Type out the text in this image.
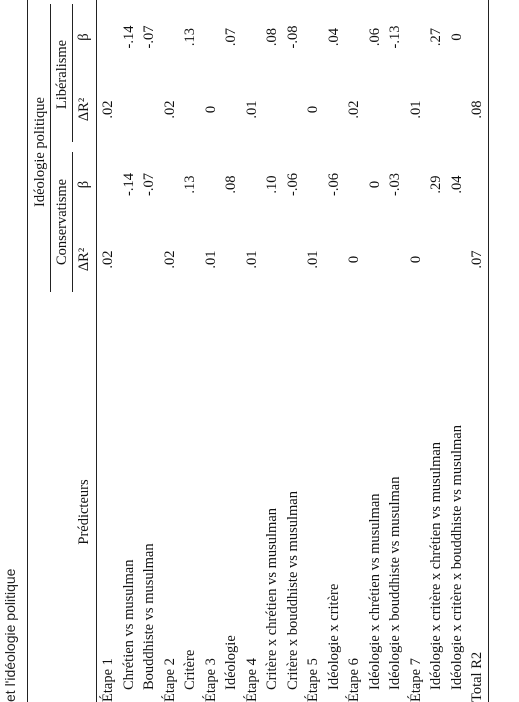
et l'idéologie politique
Idéologie politique
Conservatisme
Libéralisme
Prédicteurs
ΔR²
β
ΔR²
β
Étape 1
.02
.02
Chrétien vs musulman
-.14
-.14
Bouddhiste vs musulman
-.07
-.07
Étape 2
.02
.02
Critère
.13
.13
Étape 3
.01
0
Idéologie
.08
.07
Étape 4
.01
.01
Critère x chrétien vs musulman
.10
.08
Critère x bouddhiste vs musulman
-.06
-.08
Étape 5
.01
0
Idéologie x critère
-.06
.04
Étape 6
0
.02
Idéologie x chrétien vs musulman
0
.06
Idéologie x bouddhiste vs musulman
-.03
-.13
Étape 7
0
.01
Idéologie x critère x chrétien vs musulman
.29
.27
Idéologie x critère x bouddhiste vs musulman
.04
0
Total R2
.07
.08
